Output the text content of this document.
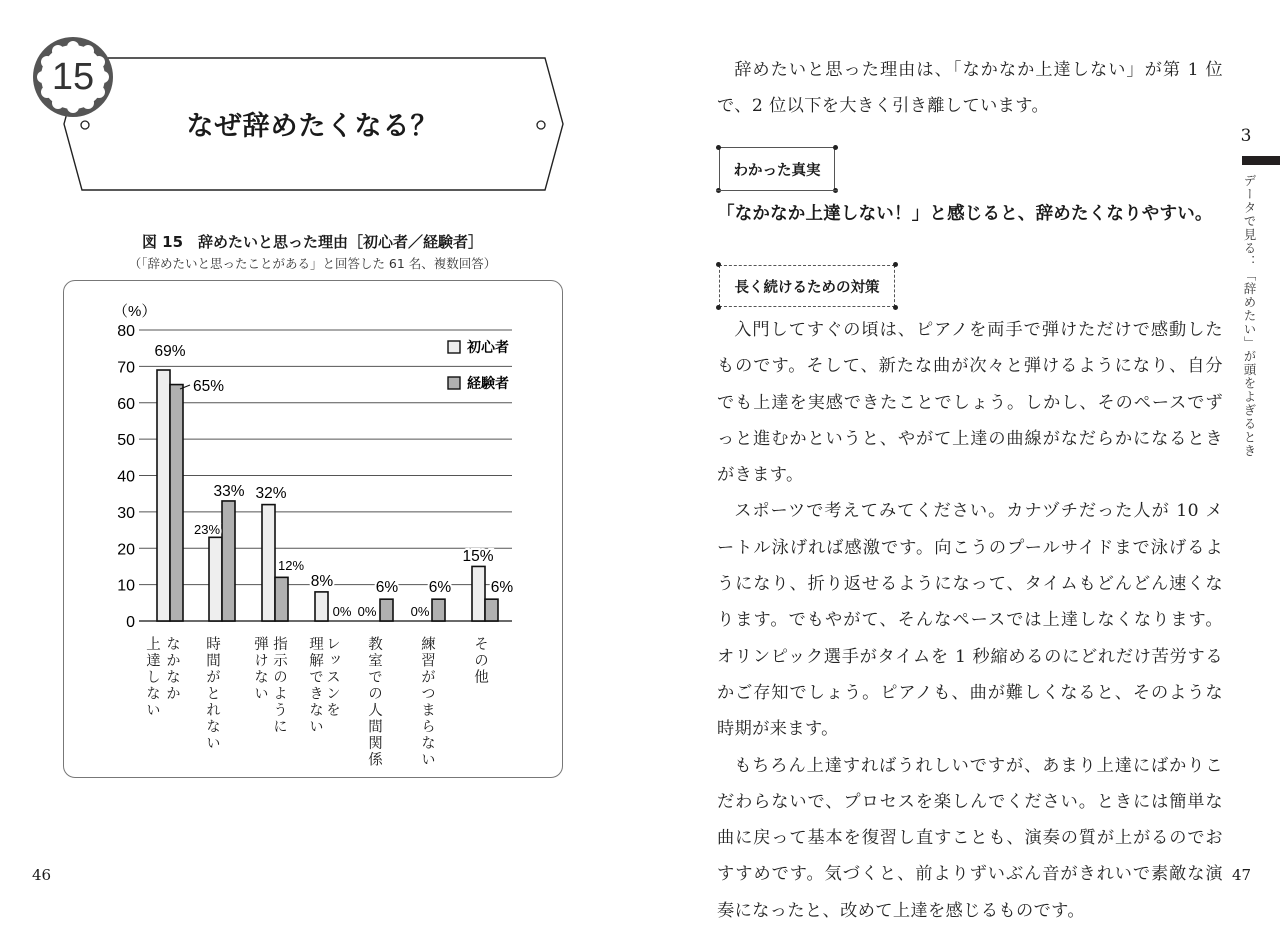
15
なぜ辞めたくなる？
図 15　辞めたいと思った理由［初心者／経験者］
（「辞めたいと思ったことがある」と回答した 61 名、複数回答）
（%）
0
10
20
30
40
50
60
70
80
69%
65%
23%
33% 32%
12%
8%
0% 0%
6%
0%
6%
15%
6%
初心者
経験者
なかなか
上達しない	時間がとれない	指示のように
弾けない	レッスンを
理解できない	教室での人間関係	練習がつまらない	その他
46

辞めたいと思った理由は、「なかなか上達しない」が第 1 位で、2 位以下を大きく引き離しています。

わかった真実
「なかなか上達しない！」と感じると、辞めたくなりやすい。
長く続けるための対策

入門してすぐの頃は、ピアノを両手で弾けただけで感動したものです。そして、新たな曲が次々と弾けるようになり、自分でも上達を実感できたことでしょう。しかし、そのペースでずっと進むかというと、やがて上達の曲線がなだらかになるときがきます。

スポーツで考えてみてください。カナヅチだった人が 10 メートル泳げれば感激です。向こうのプールサイドまで泳げるようになり、折り返せるようになって、タイムもどんどん速くなります。でもやがて、そんなペースでは上達しなくなります。オリンピック選手がタイムを 1 秒縮めるのにどれだけ苦労するかご存知でしょう。ピアノも、曲が難しくなると、そのような時期が来ます。

もちろん上達すればうれしいですが、あまり上達にばかりこだわらないで、プロセスを楽しんでください。ときには簡単な曲に戻って基本を復習し直すことも、演奏の質が上がるのでおすすめです。気づくと、前よりずいぶん音がきれいで素敵な演奏になったと、改めて上達を感じるものです。

3
データで見る：「辞めたい」が頭をよぎるとき
47
